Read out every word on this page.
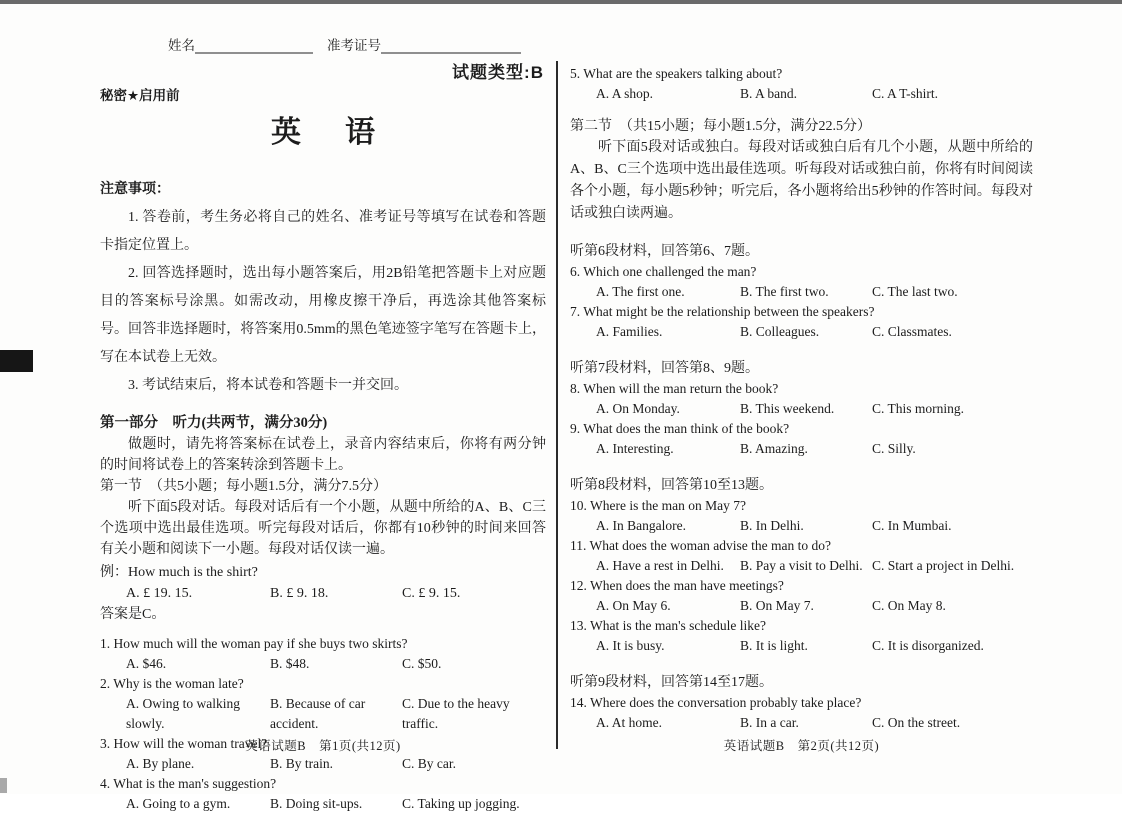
姓名	准考证号
试题类型:B
秘密★启用前
英语
注意事项：

1. 答卷前，考生务必将自己的姓名、准考证号等填写在试卷和答题卡指定位置上。

2. 回答选择题时，选出每小题答案后，用2B铅笔把答题卡上对应题目的答案标号涂黑。如需改动，用橡皮擦干净后，再选涂其他答案标号。回答非选择题时，将答案用0.5mm的黑色笔迹签字笔写在答题卡上，写在本试卷上无效。

3. 考试结束后，将本试卷和答题卡一并交回。

第一部分　听力(共两节，满分30分)

做题时，请先将答案标在试卷上，录音内容结束后，你将有两分钟的时间将试卷上的答案转涂到答题卡上。

第一节　（共5小题；每小题1.5分，满分7.5分）

听下面5段对话。每段对话后有一个小题，从题中所给的A、B、C三个选项中选出最佳选项。听完每段对话后，你都有10秒钟的时间来回答有关小题和阅读下一小题。每段对话仅读一遍。

例：How much is the shirt?
A. £ 19. 15.	B. £ 9. 18.	C. £ 9. 15.
答案是C。
1. How much will the woman pay if she buys two skirts?
A. $46.	B. $48.	C. $50.
2. Why is the woman late?
A. Owing to walking slowly.
B. Because of car accident.
C. Due to the heavy traffic.
3. How will the woman travel?
A. By plane.	B. By train.	C. By car.
4. What is the man's suggestion?
A. Going to a gym.	B. Doing sit-ups.	C. Taking up jogging.
英语试题B　第1页(共12页)
5. What are the speakers talking about?
A. A shop.	B. A band.	C. A T-shirt.
第二节　（共15小题；每小题1.5分，满分22.5分）

听下面5段对话或独白。每段对话或独白后有几个小题，从题中所给的A、B、C三个选项中选出最佳选项。听每段对话或独白前，你将有时间阅读各个小题，每小题5秒钟；听完后，各小题将给出5秒钟的作答时间。每段对话或独白读两遍。

听第6段材料，回答第6、7题。
6. Which one challenged the man?
A. The first one.	B. The first two.	C. The last two.
7. What might be the relationship between the speakers?
A. Families.	B. Colleagues.	C. Classmates.
听第7段材料，回答第8、9题。
8. When will the man return the book?
A. On Monday.	B. This weekend.	C. This morning.
9. What does the man think of the book?
A. Interesting.	B. Amazing.	C. Silly.
听第8段材料，回答第10至13题。
10. Where is the man on May 7?
A. In Bangalore.	B. In Delhi.	C. In Mumbai.
11. What does the woman advise the man to do?
A. Have a rest in Delhi.	B. Pay a visit to Delhi. C. Start a project in Delhi.
12. When does the man have meetings?
A. On May 6.	B. On May 7.	C. On May 8.
13. What is the man's schedule like?
A. It is busy.	B. It is light.	C. It is disorganized.
听第9段材料，回答第14至17题。
14. Where does the conversation probably take place?
A. At home.	B. In a car.	C. On the street.
英语试题B　第2页(共12页)
